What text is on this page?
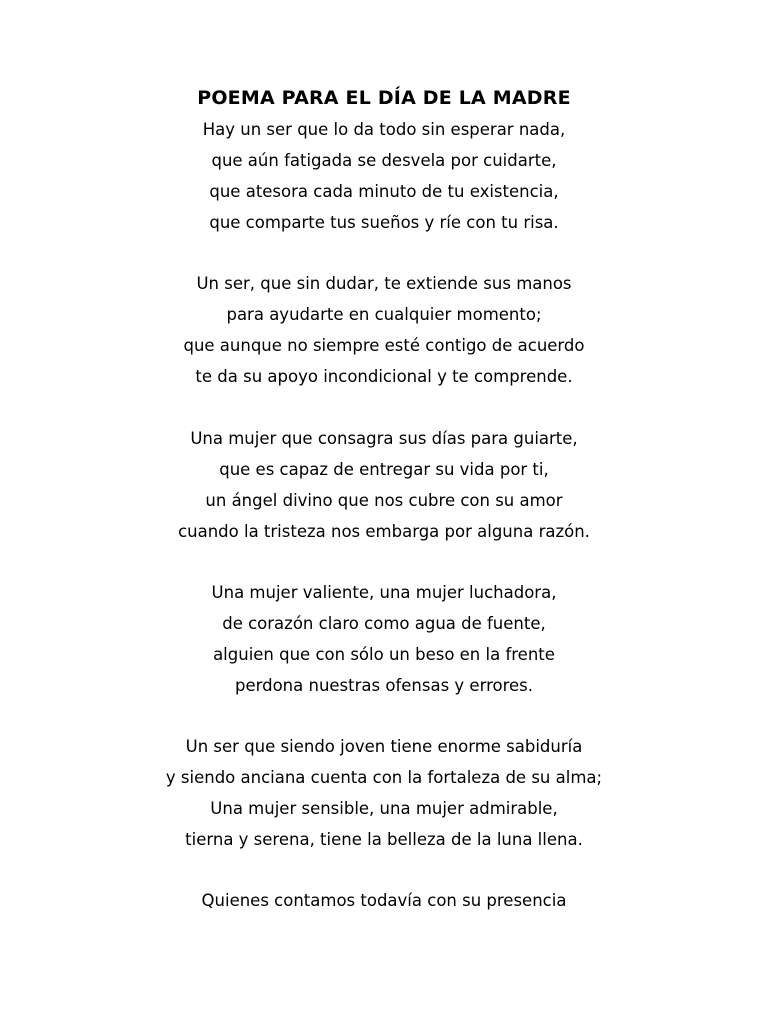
POEMA PARA EL DÍA DE LA MADRE
Hay un ser que lo da todo sin esperar nada,
que aún fatigada se desvela por cuidarte,
que atesora cada minuto de tu existencia,
que comparte tus sueños y ríe con tu risa.
Un ser, que sin dudar, te extiende sus manos
para ayudarte en cualquier momento;
que aunque no siempre esté contigo de acuerdo
te da su apoyo incondicional y te comprende.
Una mujer que consagra sus días para guiarte,
que es capaz de entregar su vida por ti,
un ángel divino que nos cubre con su amor
cuando la tristeza nos embarga por alguna razón.
Una mujer valiente, una mujer luchadora,
de corazón claro como agua de fuente,
alguien que con sólo un beso en la frente
perdona nuestras ofensas y errores.
Un ser que siendo joven tiene enorme sabiduría
y siendo anciana cuenta con la fortaleza de su alma;
Una mujer sensible, una mujer admirable,
tierna y serena, tiene la belleza de la luna llena.
Quienes contamos todavía con su presencia
